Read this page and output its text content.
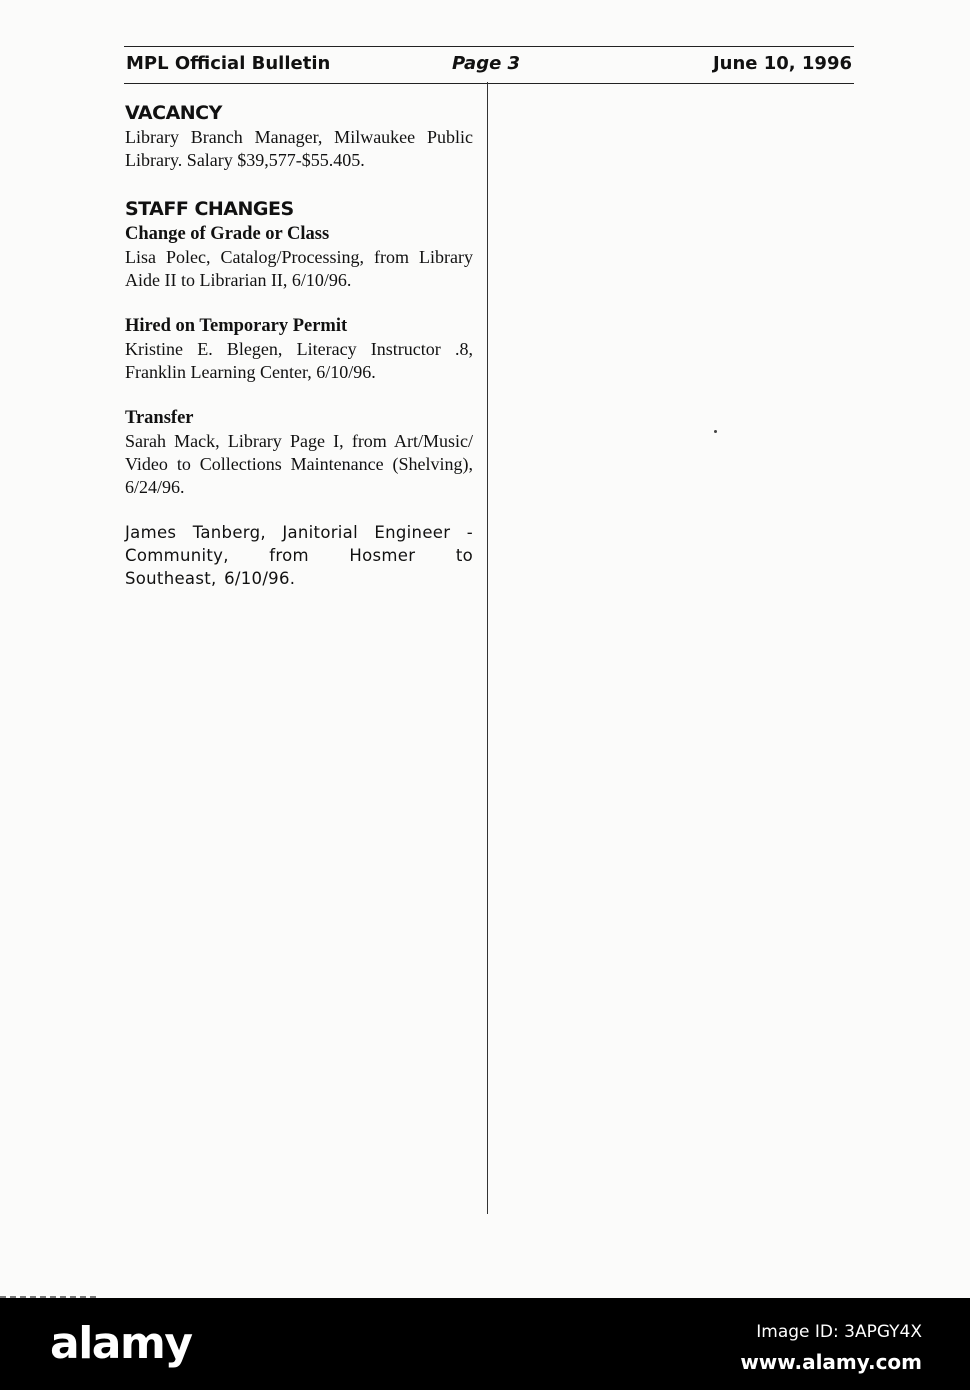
MPL Official Bulletin	Page 3	June 10, 1996
VACANCY

Library Branch Manager, Milwaukee Public Library. Salary $39,577-$55.405.

STAFF CHANGES
Change of Grade or Class

Lisa Polec, Catalog/Processing, from Library Aide II to Librarian II, 6/10/96.

Hired on Temporary Permit

Kristine E. Blegen, Literacy Instructor .8, Franklin Learning Center, 6/10/96.

Transfer

Sarah Mack, Library Page I, from Art/Music/ Video to Collections Maintenance (Shelving), 6/24/96.

James Tanberg, Janitorial Engineer - Community, from Hosmer to Southeast, 6/10/96.

alamy	Image ID: 3APGY4X
www.alamy.com
